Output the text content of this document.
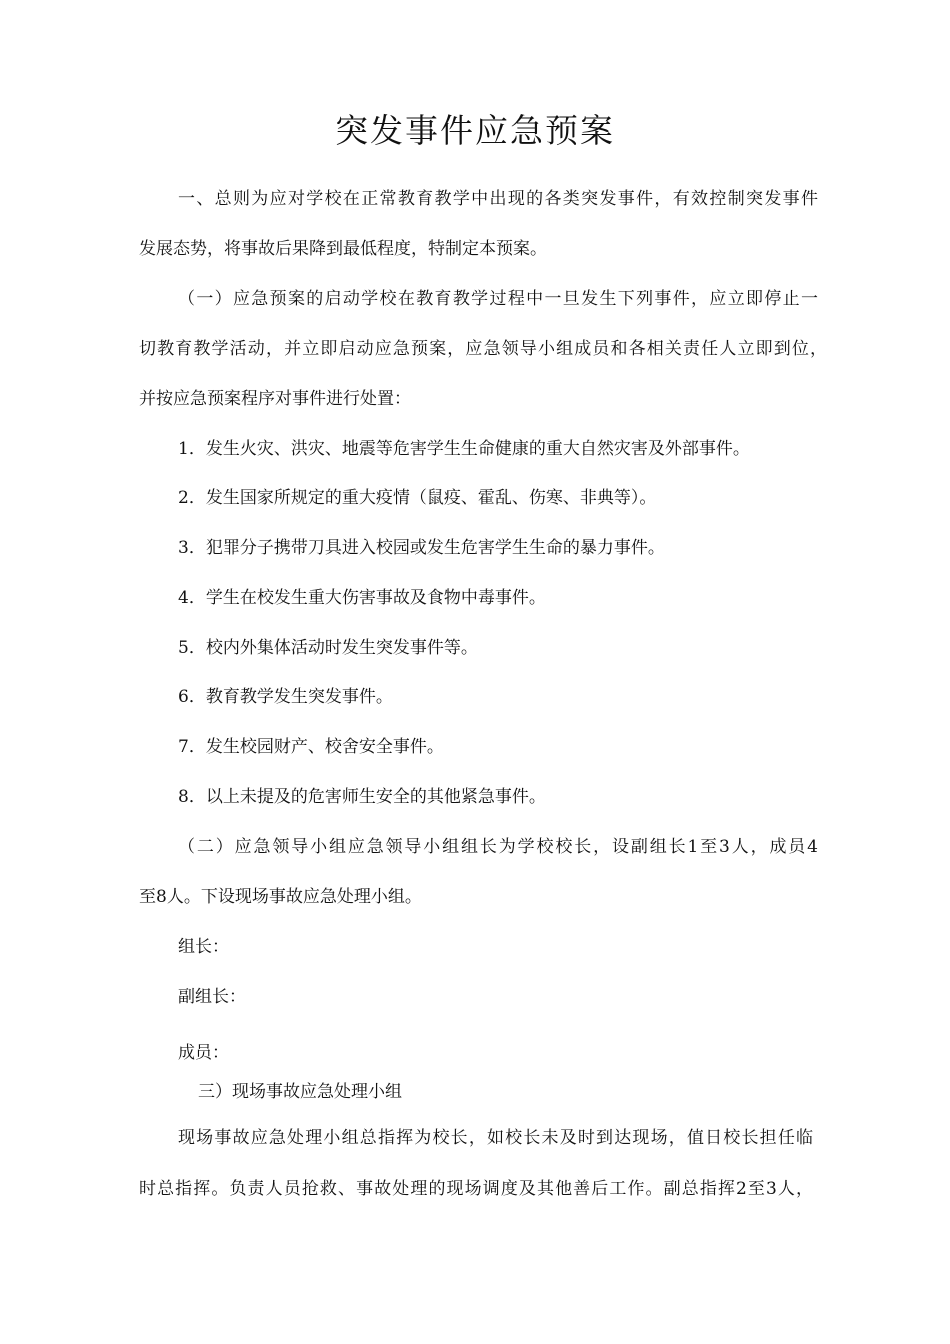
突发事件应急预案

一、总则为应对学校在正常教育教学中出现的各类突发事件，有效控制突发事件

发展态势，将事故后果降到最低程度，特制定本预案。

（一）应急预案的启动学校在教育教学过程中一旦发生下列事件，应立即停止一

切教育教学活动，并立即启动应急预案，应急领导小组成员和各相关责任人立即到位，

并按应急预案程序对事件进行处置：

1．发生火灾、洪灾、地震等危害学生生命健康的重大自然灾害及外部事件。

2．发生国家所规定的重大疫情（鼠疫、霍乱、伤寒、非典等）。

3．犯罪分子携带刀具进入校园或发生危害学生生命的暴力事件。

4．学生在校发生重大伤害事故及食物中毒事件。

5．校内外集体活动时发生突发事件等。

6．教育教学发生突发事件。

7．发生校园财产、校舍安全事件。

8．以上未提及的危害师生安全的其他紧急事件。

（二）应急领导小组应急领导小组组长为学校校长，设副组长1至3人，成员4

至8人。下设现场事故应急处理小组。

组长：

副组长：

成员：

三）现场事故应急处理小组

现场事故应急处理小组总指挥为校长，如校长未及时到达现场，值日校长担任临

时总指挥。负责人员抢救、事故处理的现场调度及其他善后工作。副总指挥2至3人，
